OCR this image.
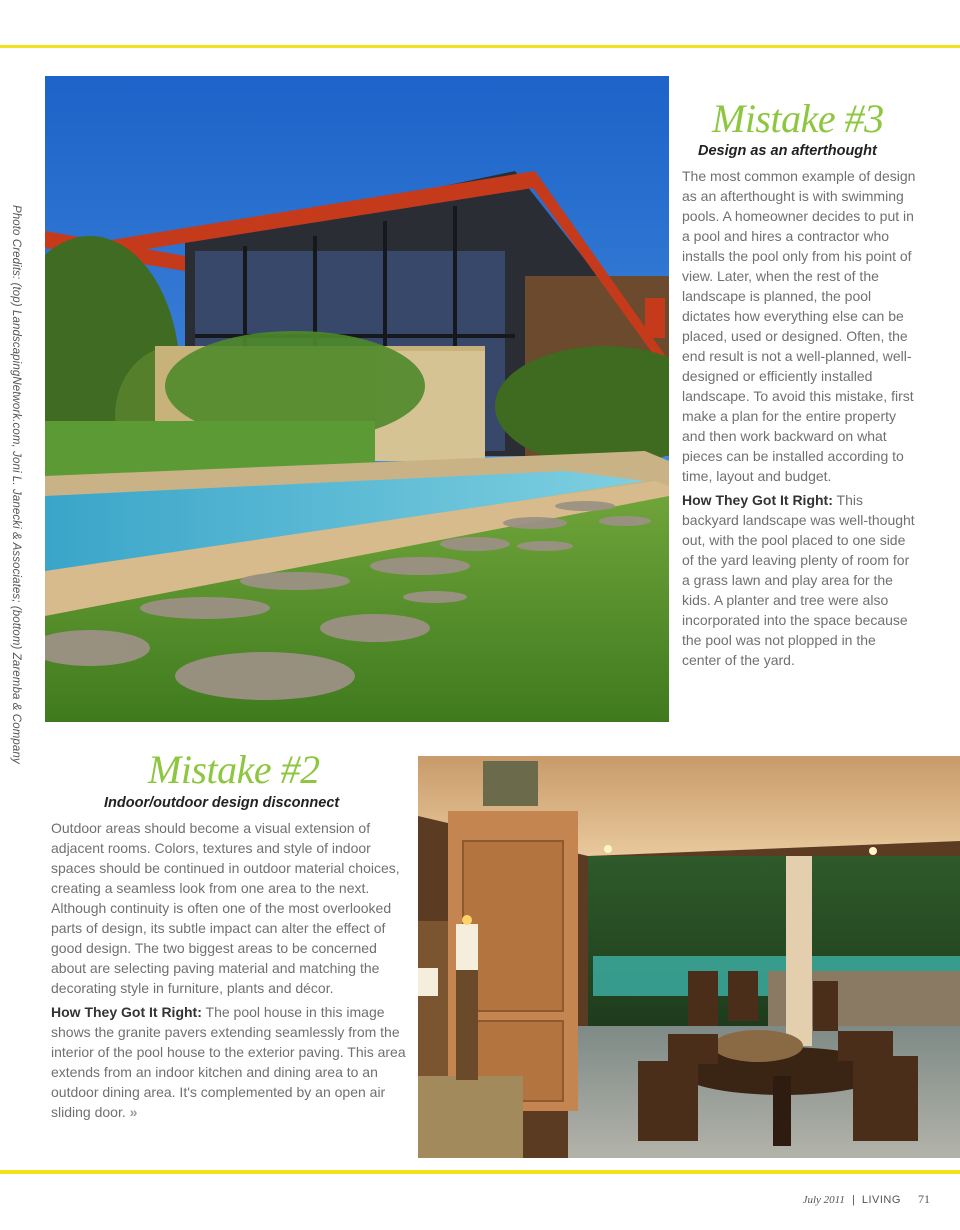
Photo Credits: (top) LandscapingNetwork.com, Joni L. Janecki & Associates; (bottom) Zaremba & Company
Mistake #3
Design as an afterthought

The most common example of design as an afterthought is with swimming pools. A homeowner decides to put in a pool and hires a contractor who installs the pool only from his point of view. Later, when the rest of the landscape is planned, the pool dictates how everything else can be placed, used or designed. Often, the end result is not a well-planned, well-designed or efficiently installed landscape. To avoid this mistake, first make a plan for the entire property and then work backward on what pieces can be installed according to time, layout and budget.

How They Got It Right: This backyard landscape was well-thought out, with the pool placed to one side of the yard leaving plenty of room for a grass lawn and play area for the kids. A planter and tree were also incorporated into the space because the pool was not plopped in the center of the yard.

Mistake #2
Indoor/outdoor design disconnect

Outdoor areas should become a visual extension of adjacent rooms. Colors, textures and style of indoor spaces should be continued in outdoor material choices, creating a seamless look from one area to the next. Although continuity is often one of the most overlooked parts of design, its subtle impact can alter the effect of good design. The two biggest areas to be concerned about are selecting paving material and matching the decorating style in furniture, plants and décor.

How They Got It Right: The pool house in this image shows the granite pavers extending seamlessly from the interior of the pool house to the exterior paving. This area extends from an indoor kitchen and dining area to an outdoor dining area. It's complemented by an open air sliding door. »

July 2011 | LIVING 71
